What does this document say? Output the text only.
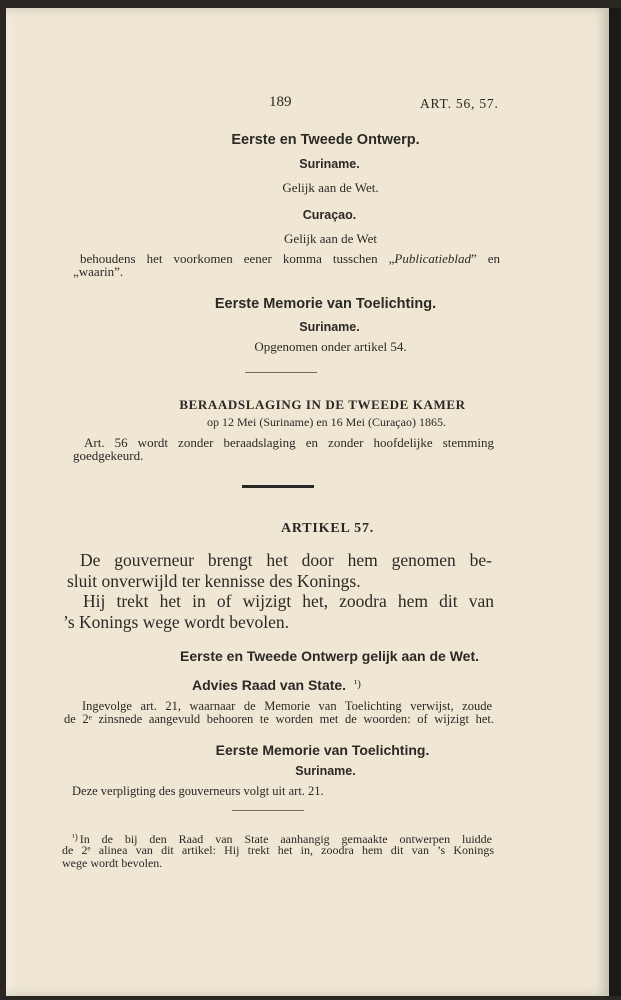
189	ART. 56, 57.
Eerste en Tweede Ontwerp.
Suriname.
Gelijk aan de Wet.
Curaçao.
Gelijk aan de Wet
behoudens het voorkomen eener komma tusschen „Publicatieblad” en
„waarin”.
Eerste Memorie van Toelichting.
Suriname.
Opgenomen onder artikel 54.
BERAADSLAGING IN DE TWEEDE KAMER
op 12 Mei (Suriname) en 16 Mei (Curaçao) 1865.
Art. 56 wordt zonder beraadslaging en zonder hoofdelijke stemming
goedgekeurd.
ARTIKEL 57.
De gouverneur brengt het door hem genomen be-
sluit onverwijld ter kennisse des Konings.
Hij trekt het in of wijzigt het, zoodra hem dit van
’s Konings wege wordt bevolen.
Eerste en Tweede Ontwerp gelijk aan de Wet.
Advies Raad van State. $^{^1)}$
Ingevolge art. 21, waarnaar de Memorie van Toelichting verwijst, zoude
de 2ᵉ zinsnede aangevuld behooren te worden met de woorden: of wijzigt het.
Eerste Memorie van Toelichting.
Suriname.
Deze verpligting des gouverneurs volgt uit art. 21.
$^{^1)}$ In de bij den Raad van State aanhangig gemaakte ontwerpen luidde
de 2ᵉ alinea van dit artikel: Hij trekt het in, zoodra hem dit van ’s Konings
wege wordt bevolen.
